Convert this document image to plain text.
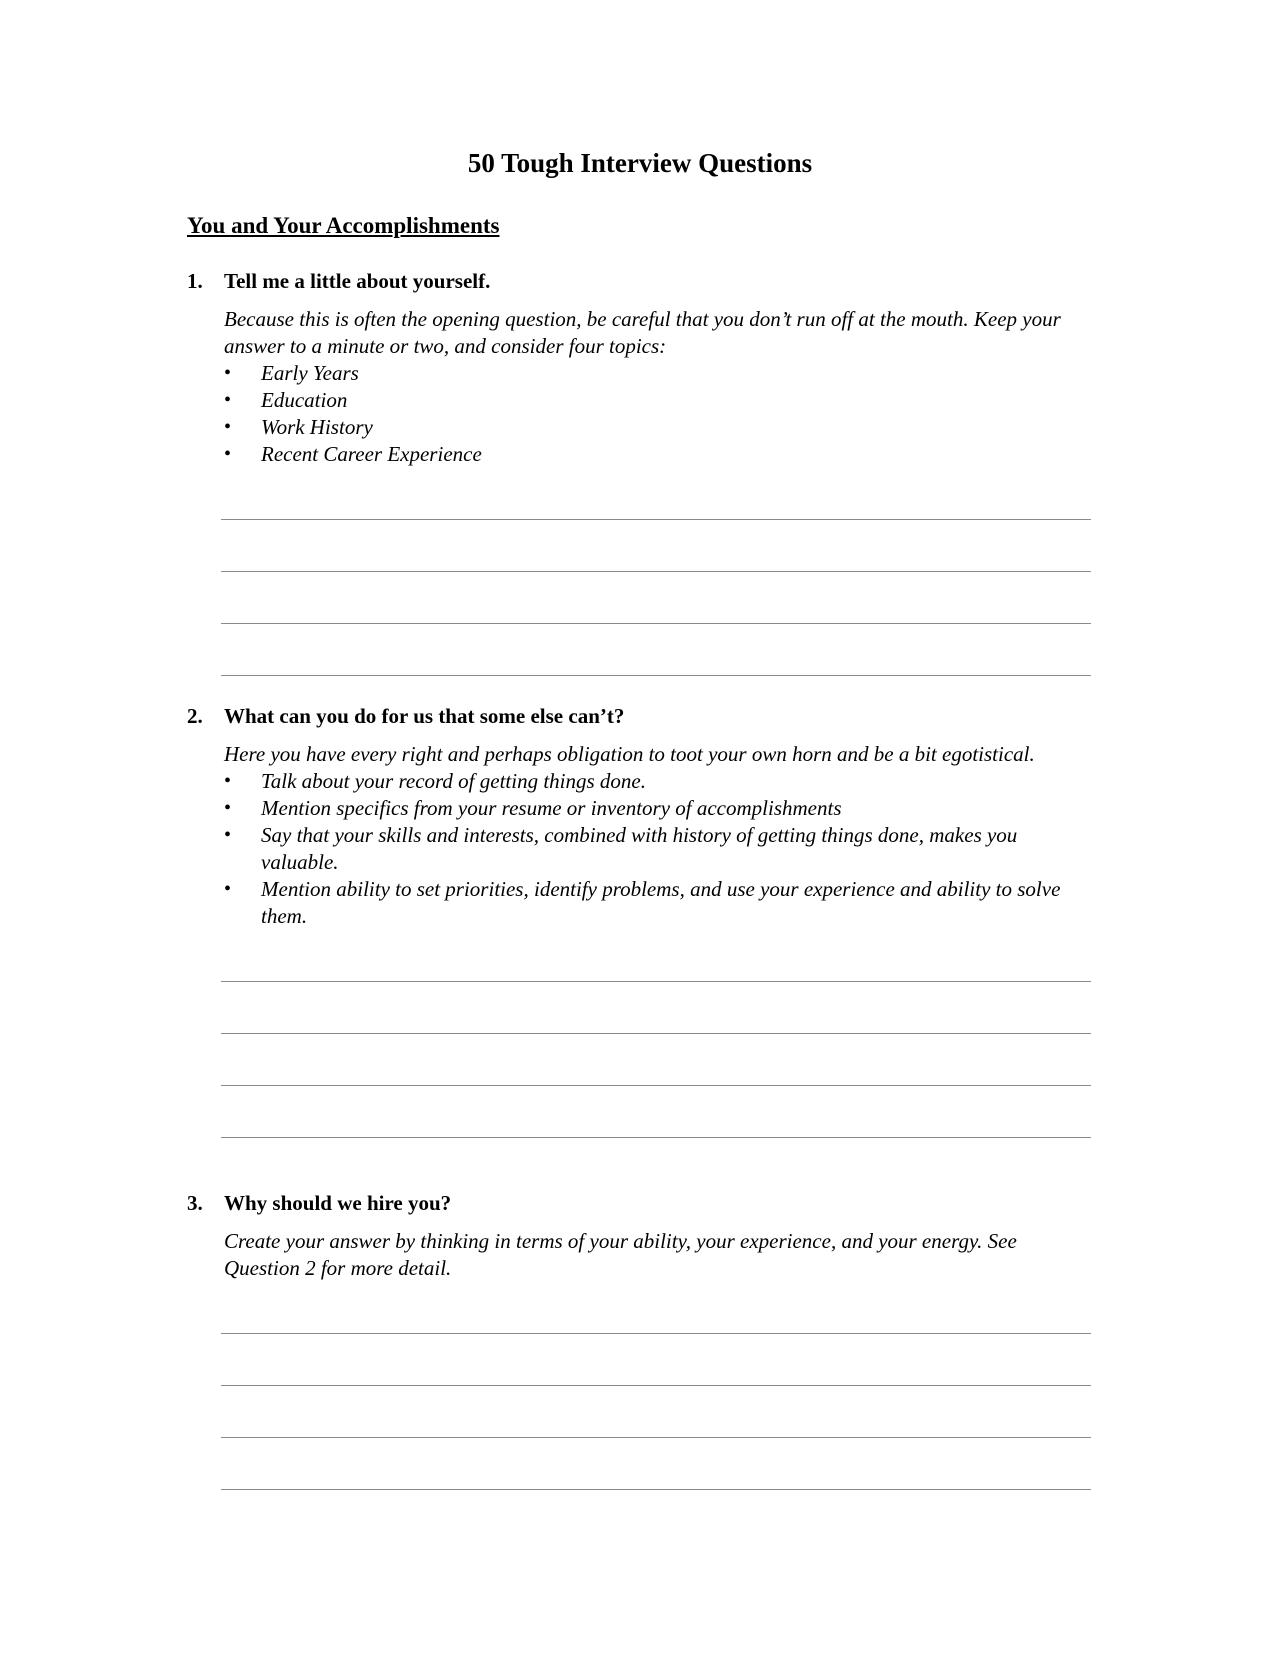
50 Tough Interview Questions
You and Your Accomplishments
1.	Tell me a little about yourself.

Because this is often the opening question, be careful that you don’t run off at the mouth. Keep your answer to a minute or two, and consider four topics:

•	Early Years
•	Education
•	Work History
•	Recent Career Experience
2.	What can you do for us that some else can’t?

Here you have every right and perhaps obligation to toot your own horn and be a bit egotistical.

•	Talk about your record of getting things done.
•	Mention specifics from your resume or inventory of accomplishments
•	Say that your skills and interests, combined with history of getting things done, makes you valuable.
•	Mention ability to set priorities, identify problems, and use your experience and ability to solve them.
3.	Why should we hire you?

Create your answer by thinking in terms of your ability, your experience, and your energy. See Question 2 for more detail.
